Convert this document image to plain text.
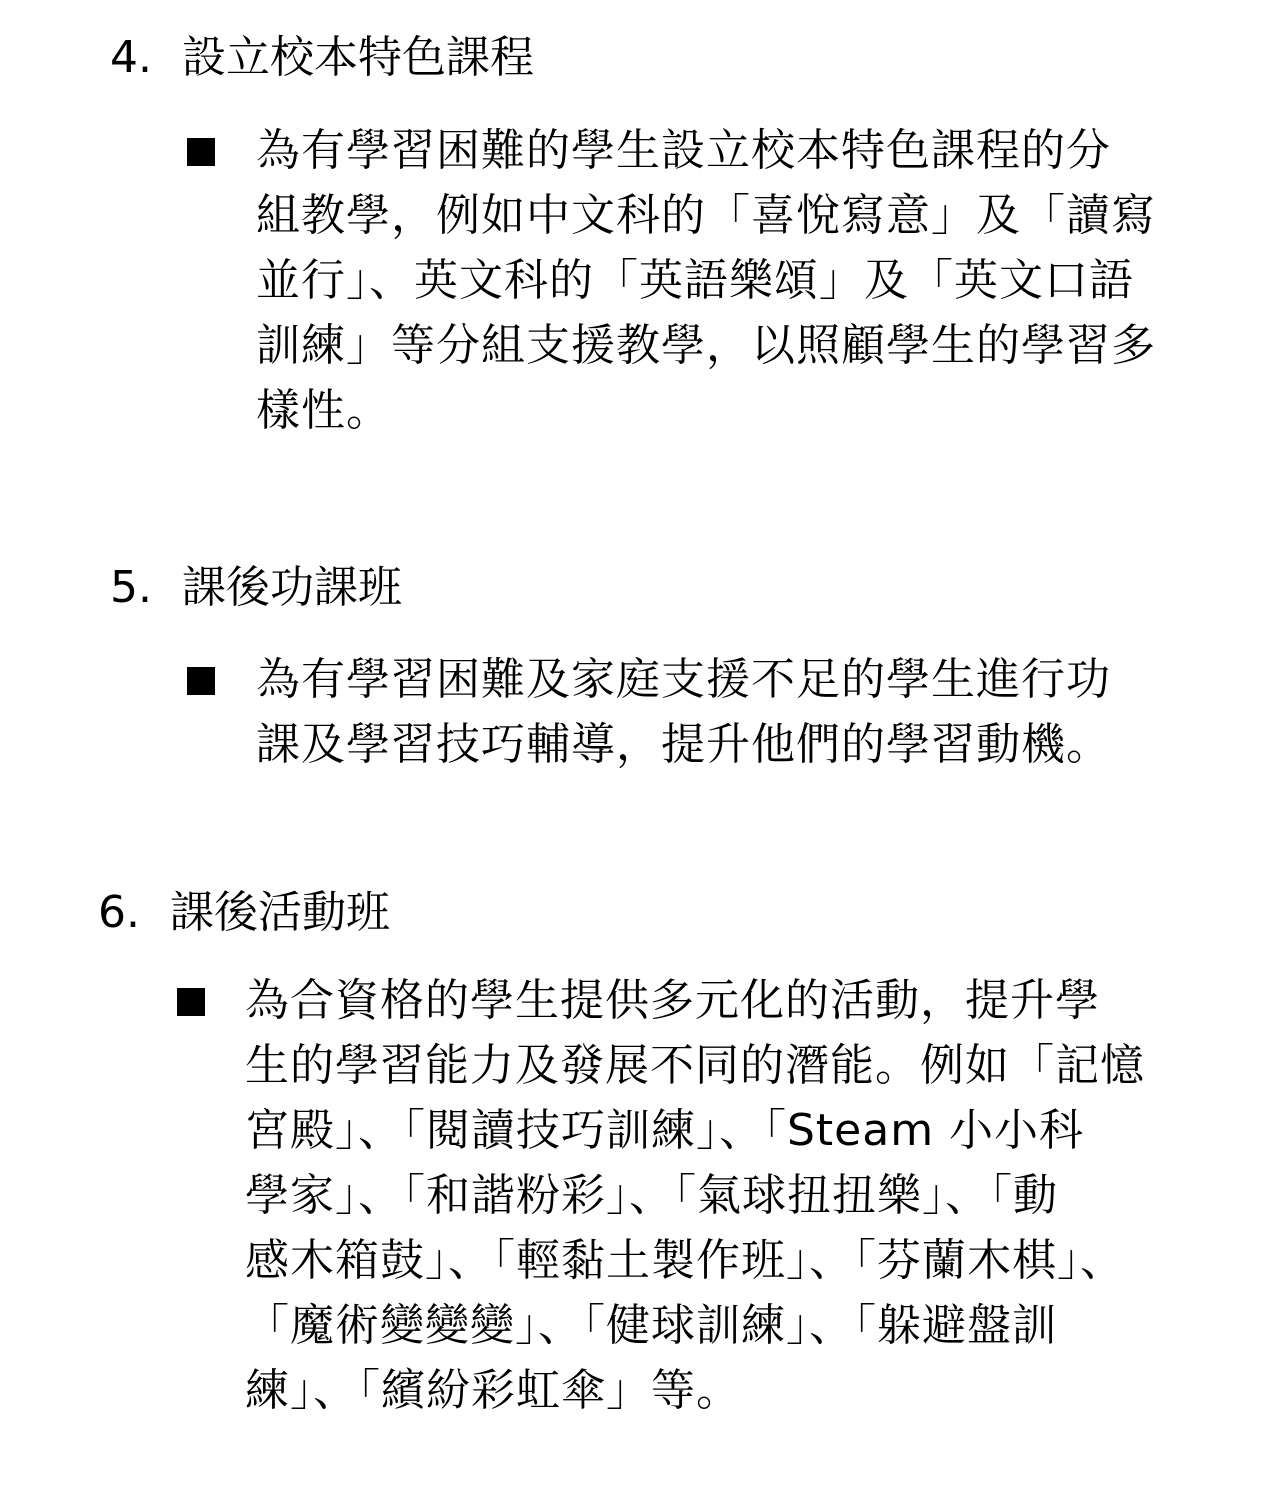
4. 設立校本特色課程
為有學習困難的學生設立校本特色課程的分
組教學，例如中文科的「喜悅寫意」及「讀寫
並行」、英文科的「英語樂頌」及「英文口語
訓練」等分組支援教學，以照顧學生的學習多
樣性。
5. 課後功課班
為有學習困難及家庭支援不足的學生進行功
課及學習技巧輔導，提升他們的學習動機。
6. 課後活動班
為合資格的學生提供多元化的活動，提升學
生的學習能力及發展不同的潛能。例如「記憶
宮殿」、「閱讀技巧訓練」、「Steam 小小科
學家」、「和諧粉彩」、「氣球扭扭樂」、「動
感木箱鼓」、「輕黏土製作班」、「芬蘭木棋」、
「魔術變變變」、「健球訓練」、「躲避盤訓
練」、「繽紛彩虹傘」等。
